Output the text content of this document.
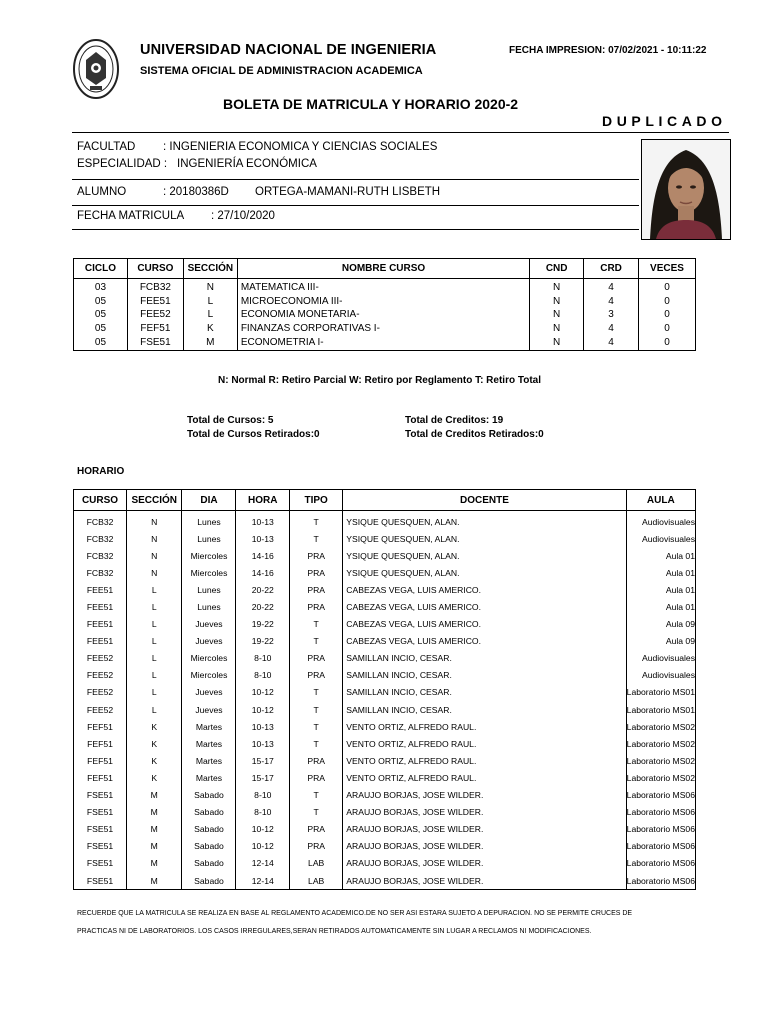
UNIVERSIDAD NACIONAL DE INGENIERIA
SISTEMA OFICIAL DE ADMINISTRACION ACADEMICA
FECHA IMPRESION: 07/02/2021 - 10:11:22
BOLETA DE MATRICULA Y HORARIO 2020-2
DUPLICADO
FACULTAD : INGENIERIA ECONOMICA Y CIENCIAS SOCIALES
ESPECIALIDAD : INGENIERÍA ECONÓMICA
ALUMNO	: 20180386D ORTEGA-MAMANI-RUTH LISBETH
FECHA MATRICULA : 27/10/2020
CICLO	CURSO	SECCIÓN	NOMBRE CURSO	CND	CRD	VECES
03	FCB32	N	MATEMATICA III-	N	4	0
05	FEE51	L	MICROECONOMIA III-	N	4	0
05	FEE52	L	ECONOMIA MONETARIA-	N	3	0
05	FEF51	K	FINANZAS CORPORATIVAS I-	N	4	0
05	FSE51	M	ECONOMETRIA I-	N	4	0
N: Normal R: Retiro Parcial W: Retiro por Reglamento T: Retiro Total
Total de Cursos: 5
Total de Cursos Retirados:0
Total de Creditos: 19
Total de Creditos Retirados:0
HORARIO
CURSO	SECCIÓN	DIA	HORA	TIPO	DOCENTE	AULA
FCB32	N	Lunes	10-13	T	YSIQUE QUESQUEN, ALAN.	Audiovisuales
FCB32	N	Lunes	10-13	T	YSIQUE QUESQUEN, ALAN.	Audiovisuales
FCB32	N	Miercoles	14-16	PRA	YSIQUE QUESQUEN, ALAN.	Aula 01
FCB32	N	Miercoles	14-16	PRA	YSIQUE QUESQUEN, ALAN.	Aula 01
FEE51	L	Lunes	20-22	PRA	CABEZAS VEGA, LUIS AMERICO.	Aula 01
FEE51	L	Lunes	20-22	PRA	CABEZAS VEGA, LUIS AMERICO.	Aula 01
FEE51	L	Jueves	19-22	T	CABEZAS VEGA, LUIS AMERICO.	Aula 09
FEE51	L	Jueves	19-22	T	CABEZAS VEGA, LUIS AMERICO.	Aula 09
FEE52	L	Miercoles	8-10	PRA	SAMILLAN INCIO, CESAR.	Audiovisuales
FEE52	L	Miercoles	8-10	PRA	SAMILLAN INCIO, CESAR.	Audiovisuales
FEE52	L	Jueves	10-12	T	SAMILLAN INCIO, CESAR.	Laboratorio MS01
FEE52	L	Jueves	10-12	T	SAMILLAN INCIO, CESAR.	Laboratorio MS01
FEF51	K	Martes	10-13	T	VENTO ORTIZ, ALFREDO RAUL.	Laboratorio MS02
FEF51	K	Martes	10-13	T	VENTO ORTIZ, ALFREDO RAUL.	Laboratorio MS02
FEF51	K	Martes	15-17	PRA	VENTO ORTIZ, ALFREDO RAUL.	Laboratorio MS02
FEF51	K	Martes	15-17	PRA	VENTO ORTIZ, ALFREDO RAUL.	Laboratorio MS02
FSE51	M	Sabado	8-10	T	ARAUJO BORJAS, JOSE WILDER.	Laboratorio MS06
FSE51	M	Sabado	8-10	T	ARAUJO BORJAS, JOSE WILDER.	Laboratorio MS06
FSE51	M	Sabado	10-12	PRA	ARAUJO BORJAS, JOSE WILDER.	Laboratorio MS06
FSE51	M	Sabado	10-12	PRA	ARAUJO BORJAS, JOSE WILDER.	Laboratorio MS06
FSE51	M	Sabado	12-14	LAB	ARAUJO BORJAS, JOSE WILDER.	Laboratorio MS06
FSE51	M	Sabado	12-14	LAB	ARAUJO BORJAS, JOSE WILDER.	Laboratorio MS06
RECUERDE QUE LA MATRICULA SE REALIZA EN BASE AL REGLAMENTO ACADEMICO.DE NO SER ASI ESTARA SUJETO A DEPURACION. NO SE PERMITE CRUCES DE
PRACTICAS NI DE LABORATORIOS. LOS CASOS IRREGULARES,SERAN RETIRADOS AUTOMATICAMENTE SIN LUGAR A RECLAMOS NI MODIFICACIONES.
